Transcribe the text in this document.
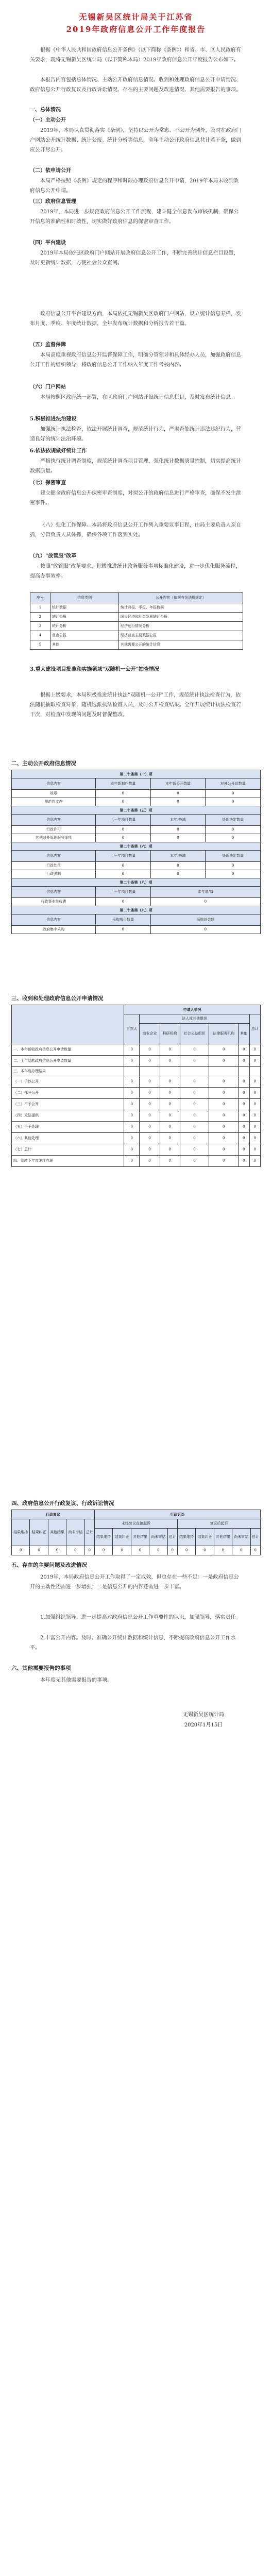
无锡新吴区统计局关于江苏省
2019年政府信息公开工作年度报告
根据《中华人民共和国政府信息公开条例》（以下简称《条例》）和省、市、区人民政府有关要求，现将无锡新吴区统计局（以下简称本局）2019年政府信息公开年度报告公布如下。
本报告内容包括总体情况、主动公开政府信息情况、收到和处理政府信息公开申请情况、政府信息公开行政复议及行政诉讼情况、存在的主要问题及改进情况、其他需要报告的事项。
一、总体情况
（一）主动公开
2019年，本局认真贯彻落实《条例》，坚持以公开为常态、不公开为例外，及时在政府门户网站公开统计数据、统计公报、统计分析等信息，全年主动公开政府信息共计若干条，做到应公开尽公开。
（二）依申请公开
本局严格按照《条例》规定的程序和时限办理政府信息公开申请，2019年本局未收到政府信息公开申请。
（三）政府信息管理
2019年，本局进一步规范政府信息公开工作流程，建立健全信息发布审核机制，确保公开信息的准确性和时效性，切实做好政府信息的保密审查工作。
（四）平台建设
2019年本局依托区政府门户网站开展政府信息公开工作，不断完善统计信息栏目设置，及时更新统计数据，方便社会公众查阅。
政府信息公开平台建设方面，本局依托无锡新吴区政府门户网站，设立统计信息专栏，发布月度、季度、年度统计数据，全年发布统计数据和分析报告若干篇。
（五）监督保障
本局高度重视政府信息公开监督保障工作，明确分管领导和具体经办人员，加强政府信息公开工作的组织领导，将政府信息公开工作纳入年度工作考核内容。
（六）门户网站
本局按照区政府统一部署，在区政府门户网站开设统计信息栏目，及时发布统计信息。
5.积极推进法治建设
加强统计执法检查，依法开展统计调查，规范统计行为，严肃查处统计违法违纪行为，营造良好的统计法治环境。
6.依法依规做好统计工作
严格执行统计调查制度，规范统计调查项目管理，强化统计数据质量控制，切实提高统计数据质量。
（七）保密审查
建立健全政府信息公开保密审查制度，对拟公开的政府信息进行严格审查，确保不发生泄密事件。
（八）强化工作保障。本局将政府信息公开工作列入重要议事日程，由局主要负责人亲自抓，分管负责人具体抓，确保各项工作落到实处。
（九）"放管服"改革
按照"放管服"改革要求，积极推进统计政务服务事项标准化建设，进一步优化服务流程，提高办事效率。
序号	信息类别	公开内容（依据有关法规规定）
1	统计数据	统计月报、季报、年报数据
2	统计公报	国民经济和社会发展统计公报
3	统计分析	经济运行情况分析
4	普查公报	经济普查主要数据公报
5	其他	其他需要公开的统计信息
3.重大建设项目批准和实施领域"双随机一公开"抽查情况
根据上级要求，本局积极推进统计执法"双随机一公开"工作，规范统计执法检查行为，依法随机抽取检查对象，随机选派执法检查人员，及时公开检查结果。全年开展统计执法检查若干次，对检查中发现的问题及时督促整改。
二、主动公开政府信息情况
第二十条第（一）项			
信息内容	本年新制作数量	本年新公开数量	对外公开总数量
规章	0	0	0
规范性文件	0	0	0
第二十条第（五）项			
信息内容	上一年项目数量	本年增/减	处理决定数量
行政许可	0	0	0
其他对外管理服务事项	0	0	0
第二十条第（六）项			
信息内容	上一年项目数量	本年增/减	处理决定数量
行政处罚	0	0	0
行政强制	0	0	0
第二十条第（八）项			
信息内容	上一年项目数量	本年增/减	
行政事业性收费	0	0	
第二十条第（九）项			
信息内容	采购项目数量	采购总金额	
政府集中采购	0	0	
三、收到和处理政府信息公开申请情况
	申请人情况						
	自然人	法人或其他组织					总计
		商业企业	科研机构	社会公益组织	法律服务机构	其他	
一、本年新收政府信息公开申请数量	0	0	0	0	0	0	0
二、上年结转政府信息公开申请数量	0	0	0	0	0	0	0
三、本年度办理结果							
（一）予以公开	0	0	0	0	0	0	0
（二）部分公开	0	0	0	0	0	0	0
（三）不予公开	0	0	0	0	0	0	0
（四）无法提供	0	0	0	0	0	0	0
（五）不予处理	0	0	0	0	0	0	0
（六）其他处理	0	0	0	0	0	0	0
（七）总计	0	0	0	0	0	0	0
四、结转下年度继续办理	0	0	0	0	0	0	0
四、政府信息公开行政复议、行政诉讼情况
行政复议					行政诉讼									
结果维持	结果纠正	其他结果	尚未审结	总计	未经复议直接起诉					复议后起诉				
					结果维持	结果纠正	其他结果	尚未审结	总计	结果维持	结果纠正	其他结果	尚未审结	总计
0	0	0	0	0	0	0	0	0	0	0	0	0	0	0
五、存在的主要问题及改进情况
2019年，本局政府信息公开工作取得了一定成效，但也存在一些不足：一是政府信息公开的主动性还需进一步增强；二是信息公开的内容还需进一步丰富。
1.加强组织领导。进一步提高对政府信息公开工作重要性的认识，加强领导，落实责任。
2.丰富公开内容。及时、准确公开统计数据和统计信息，不断提高政府信息公开工作水平。
六、其他需要报告的事项
本年度无其他需要报告的事项。
无锡新吴区统计局
2020年1月15日
